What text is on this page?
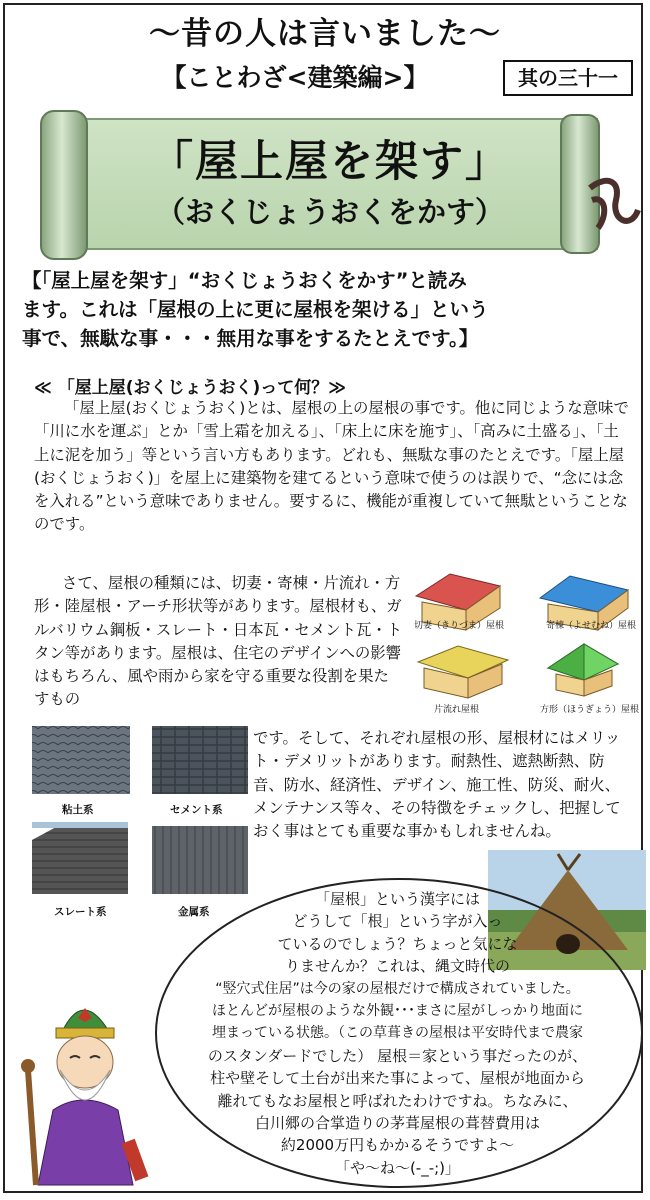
〜昔の人は言いました〜
【ことわざ<建築編>】	其の三十一
「屋上屋を架す」
（おくじょうおくをかす）
【「屋上屋を架す」“おくじょうおくをかす”と読み
ます。これは「屋根の上に更に屋根を架ける」という
事で、無駄な事・・・無用な事をするたとえです。】
≪ 「屋上屋(おくじょうおく)って何？≫
「屋上屋(おくじょうおく)とは、屋根の上の屋根の事です。他に同じような意味で「川に水を運ぶ」とか「雪上霜を加える」、「床上に床を施す」、「高みに土盛る」、「土上に泥を加う」等という言い方もあります。どれも、無駄な事のたとえです。「屋上屋(おくじょうおく)」を屋上に建築物を建てるという意味で使うのは誤りで、“念には念を入れる”という意味でありません。要するに、機能が重複していて無駄ということなのです。
さて、屋根の種類には、切妻・寄棟・片流れ・方形・陸屋根・アーチ形状等があります。屋根材も、ガルバリウム鋼板・スレート・日本瓦・セメント瓦・トタン等があります。屋根は、住宅のデザインへの影響はもちろん、風や雨から家を守る重要な役割を果たすもの
です。そして、それぞれ屋根の形、屋根材にはメリット・デメリットがあります。耐熱性、遮熱断熱、防音、防水、経済性、デザイン、施工性、防災、耐火、メンテナンス等々、その特徴をチェックし、把握しておく事はとても重要な事かもしれませんね。
切妻（きりづま）屋根	寄棟（よせむね）屋根
片流れ屋根	方形（ほうぎょう）屋根
粘土系	セメント系
スレート系	金属系
「屋根」という漢字には
どうして「根」という字が入っ
ているのでしょう？ちょっと気にな
りませんか？これは、縄文時代の
“竪穴式住居”は今の家の屋根だけで構成されていました。
ほとんどが屋根のような外観･･･まさに屋がしっかり地面に
埋まっている状態。（この草葺きの屋根は平安時代まで農家
のスタンダードでした） 屋根＝家という事だったのが、
柱や壁そして土台が出来た事によって、屋根が地面から
離れてもなお屋根と呼ばれたわけですね。ちなみに、
白川郷の合掌造りの茅葺屋根の葺替費用は
約2000万円もかかるそうですよ〜
「や〜ね〜(-_-;)」
